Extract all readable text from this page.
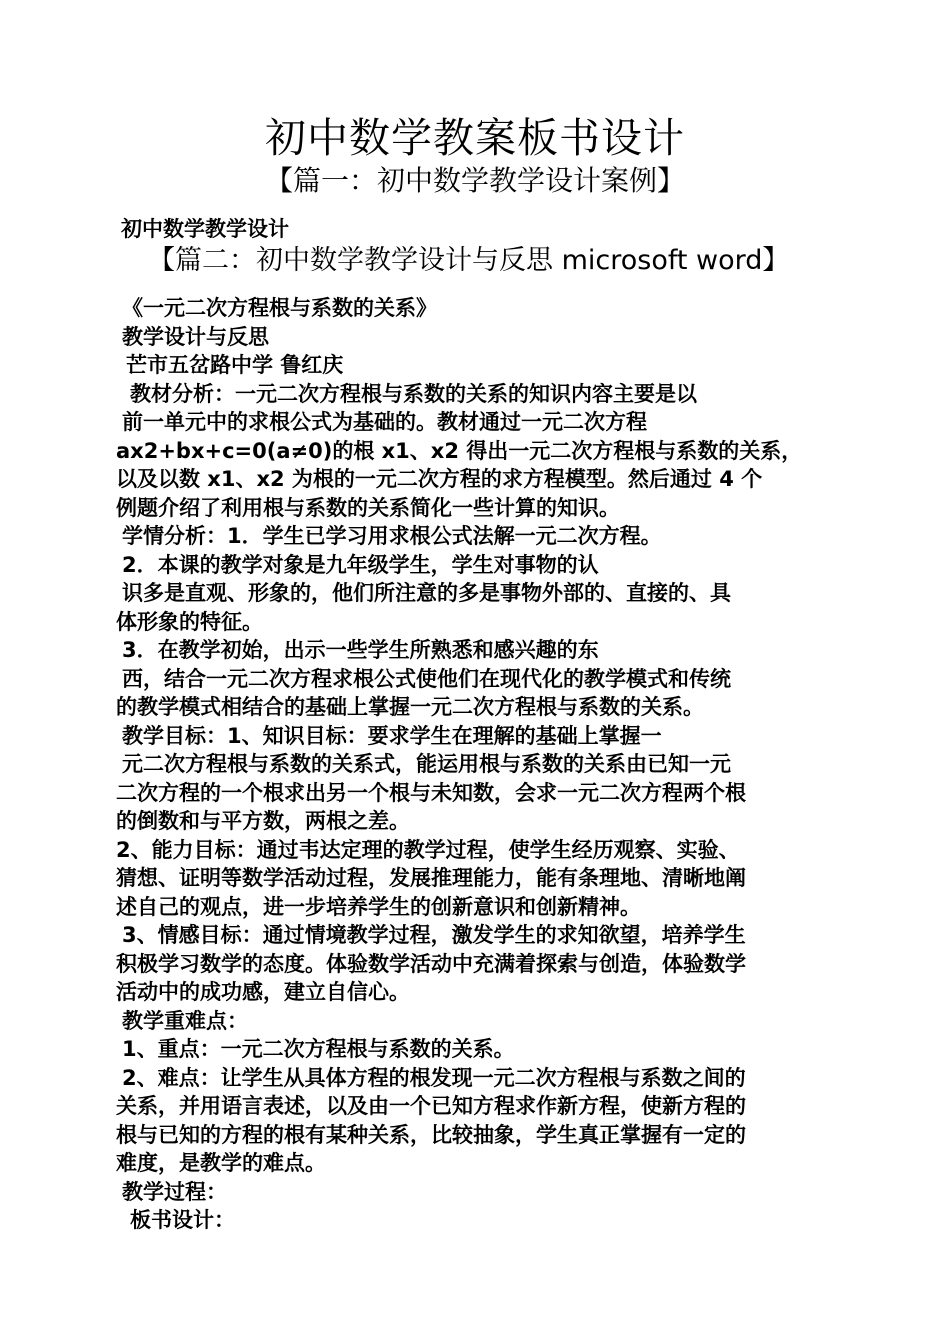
初中数学教案板书设计
【篇一：初中数学教学设计案例】
初中数学教学设计
【篇二：初中数学教学设计与反思 microsoft word】
《一元二次方程根与系数的关系》
教学设计与反思
芒市五岔路中学 鲁红庆
教材分析：一元二次方程根与系数的关系的知识内容主要是以
前一单元中的求根公式为基础的。教材通过一元二次方程
ax2+bx+c=0(a≠0)的根 x1、x2 得出一元二次方程根与系数的关系，
以及以数 x1、x2 为根的一元二次方程的求方程模型。然后通过 4 个
例题介绍了利用根与系数的关系简化一些计算的知识。
学情分析：1．学生已学习用求根公式法解一元二次方程。
2．本课的教学对象是九年级学生，学生对事物的认
识多是直观、形象的，他们所注意的多是事物外部的、直接的、具
体形象的特征。
3．在教学初始，出示一些学生所熟悉和感兴趣的东
西，结合一元二次方程求根公式使他们在现代化的教学模式和传统
的教学模式相结合的基础上掌握一元二次方程根与系数的关系。
教学目标：1、知识目标：要求学生在理解的基础上掌握一
元二次方程根与系数的关系式，能运用根与系数的关系由已知一元
二次方程的一个根求出另一个根与未知数，会求一元二次方程两个根
的倒数和与平方数，两根之差。
2、能力目标：通过韦达定理的教学过程，使学生经历观察、实验、
猜想、证明等数学活动过程，发展推理能力，能有条理地、清晰地阐
述自己的观点，进一步培养学生的创新意识和创新精神。
3、情感目标：通过情境教学过程，激发学生的求知欲望，培养学生
积极学习数学的态度。体验数学活动中充满着探索与创造，体验数学
活动中的成功感，建立自信心。
教学重难点：
1、重点：一元二次方程根与系数的关系。
2、难点：让学生从具体方程的根发现一元二次方程根与系数之间的
关系，并用语言表述，以及由一个已知方程求作新方程，使新方程的
根与已知的方程的根有某种关系，比较抽象，学生真正掌握有一定的
难度，是教学的难点。
教学过程：
板书设计：
